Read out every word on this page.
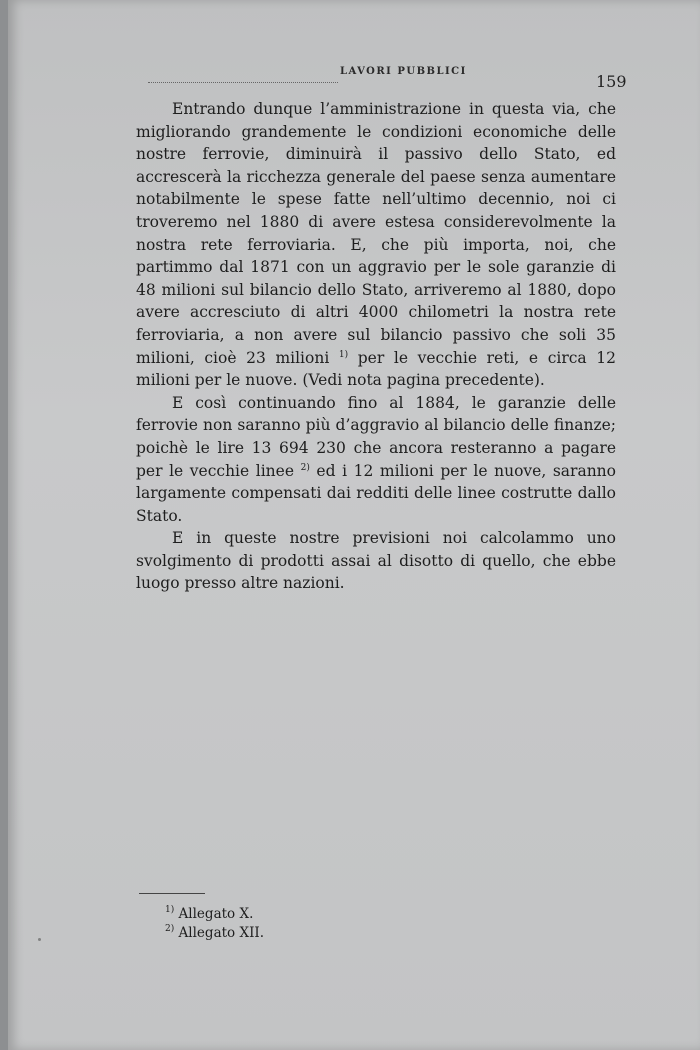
LAVORI PUBBLICI
159

Entrando dunque l’amministrazione in questa via, che migliorando grandemente le condizioni economiche delle nostre ferrovie, diminuirà il passivo dello Stato, ed accrescerà la ricchezza generale del paese senza aumentare notabilmente le spese fatte nell’ultimo decennio, noi ci troveremo nel 1880 di avere estesa considerevolmente la nostra rete ferroviaria. E, che più importa, noi, che partimmo dal 1871 con un aggravio per le sole garanzie di 48 milioni sul bilancio dello Stato, arriveremo al 1880, dopo avere accresciuto di altri 4000 chilometri la nostra rete ferroviaria, a non avere sul bilancio passivo che soli 35 milioni, cioè 23 milioni $^{1)}$ per le vecchie reti, e circa 12 milioni per le nuove. (Vedi nota pagina precedente).

E così continuando fino al 1884, le garanzie delle ferrovie non saranno più d’aggravio al bilancio delle finanze; poichè le lire 13 694 230 che ancora resteranno a pagare per le vecchie linee $^{2)}$ ed i 12 milioni per le nuove, saranno largamente compensati dai redditi delle linee costrutte dallo Stato.

E in queste nostre previsioni noi calcolammo uno svolgimento di prodotti assai al disotto di quello, che ebbe luogo presso altre nazioni.

$^{1)}$ Allegato X.
$^{2)}$ Allegato XII.
